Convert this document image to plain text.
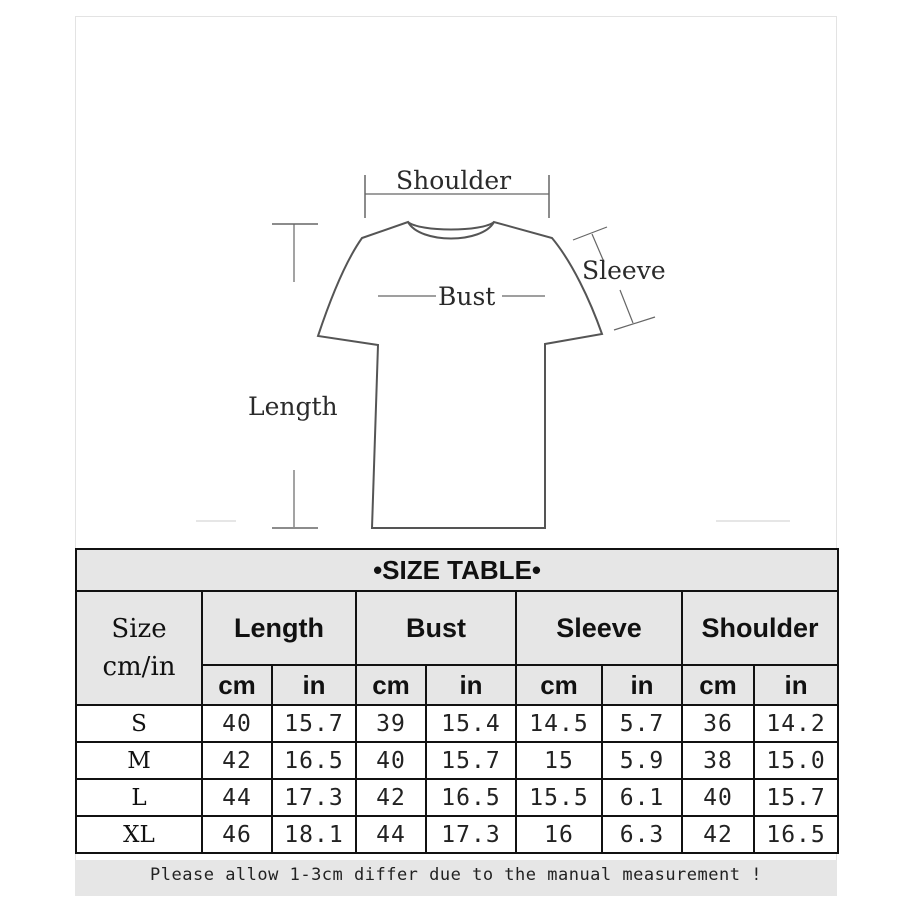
Shoulder
Sleeve
Bust
Length
•SIZE TABLE•								

Size
cm/in	Length		Bust		Sleeve		Shoulder	
	cm	in	cm	in	cm	in	cm	in
S	40	15.7	39	15.4	14.5	5.7	36	14.2
M	42	16.5	40	15.7	15	5.9	38	15.0
L	44	17.3	42	16.5	15.5	6.1	40	15.7
XL	46	18.1	44	17.3	16	6.3	42	16.5
Please allow 1-3cm differ due to the manual measurement !
